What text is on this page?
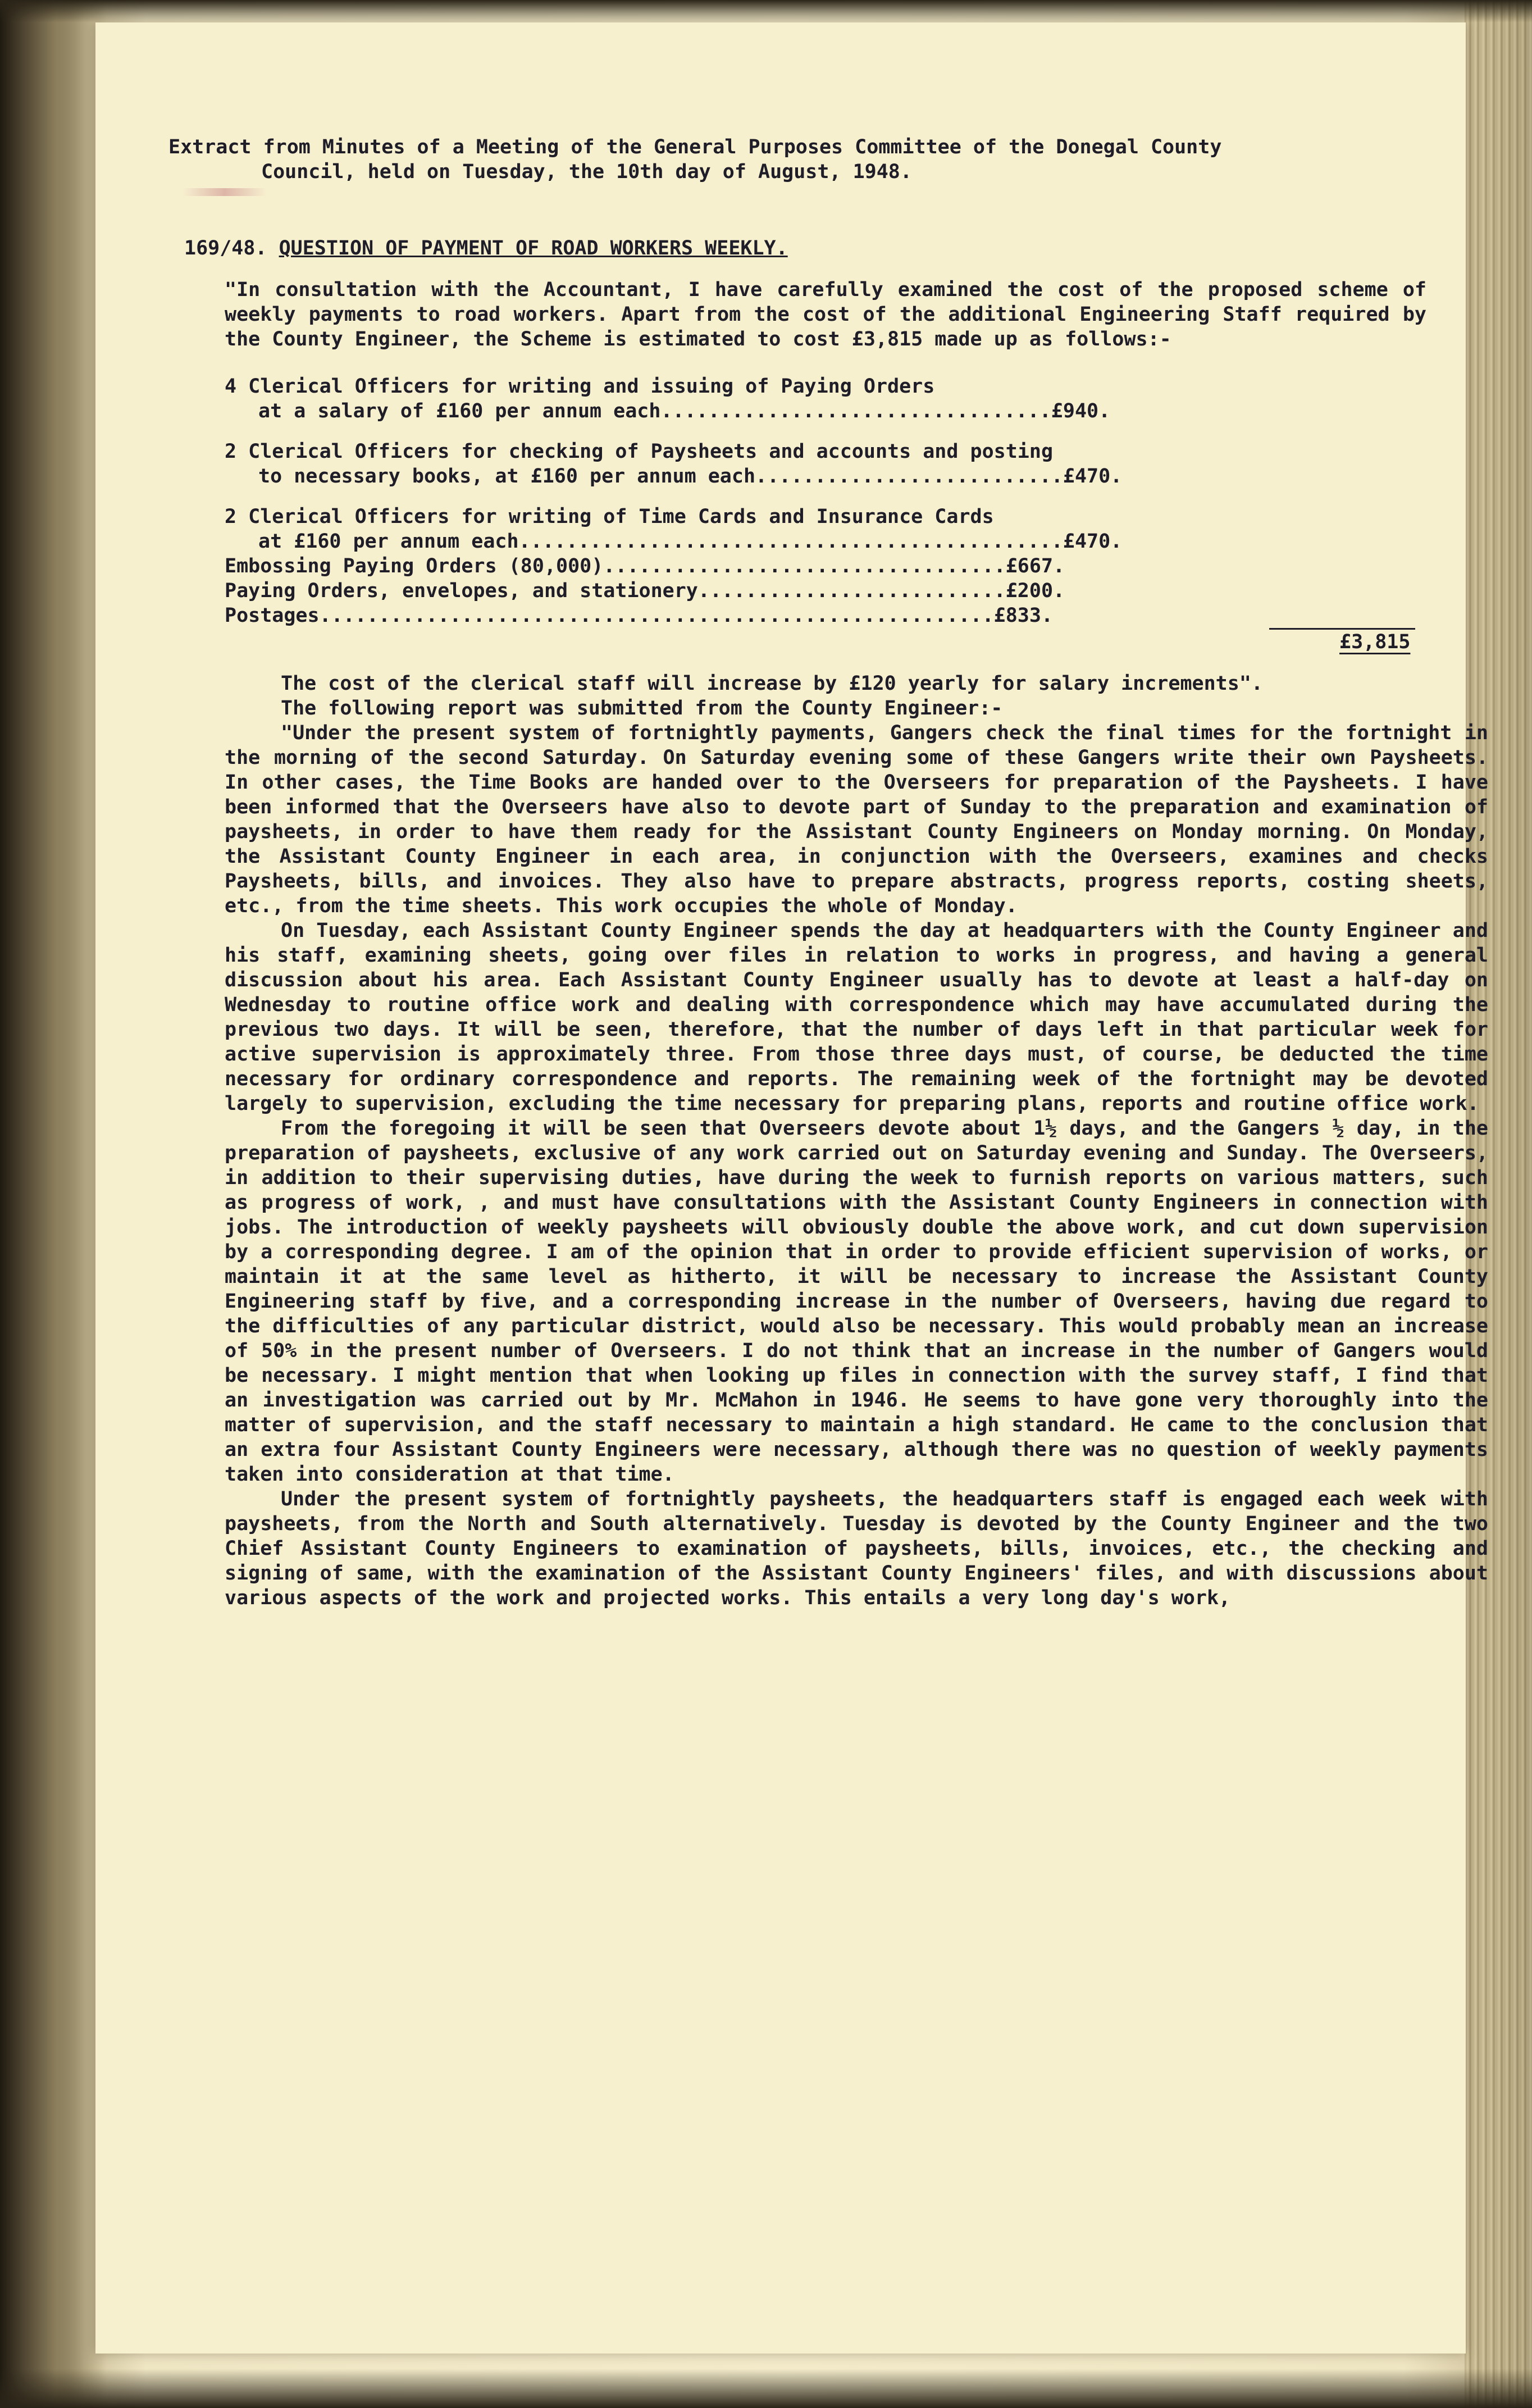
Extract from Minutes of a Meeting of the General Purposes Committee of the Donegal County

Council, held on Tuesday, the 10th day of August, 1948.

169/48. QUESTION OF PAYMENT OF ROAD WORKERS WEEKLY.

"In consultation with the Accountant, I have carefully examined the cost of the proposed scheme of weekly payments to road workers. Apart from the cost of the additional Engineering Staff required by the County Engineer, the Scheme is estimated to cost £3,815 made up as follows:-

4 Clerical Officers for writing and issuing of Paying Orders

at a salary of £160 per annum each.................................£940.

2 Clerical Officers for checking of Paysheets and accounts and posting

to necessary books, at £160 per annum each..........................£470.

2 Clerical Officers for writing of Time Cards and Insurance Cards

at £160 per annum each..............................................£470.

Embossing Paying Orders (80,000)..................................£667.

Paying Orders, envelopes, and stationery..........................£200.

Postages.........................................................£833.

£3,815

The cost of the clerical staff will increase by £120 yearly for salary increments".
The following report was submitted from the County Engineer:-
"Under the present system of fortnightly payments, Gangers check the final times for the fortnight in the morning of the second Saturday. On Saturday evening some of these Gangers write their own Paysheets. In other cases, the Time Books are handed over to the Overseers for preparation of the Paysheets. I have been informed that the Overseers have also to devote part of Sunday to the preparation and examination of paysheets, in order to have them ready for the Assistant County Engineers on Monday morning. On Monday, the Assistant County Engineer in each area, in conjunction with the Overseers, examines and checks Paysheets, bills, and invoices. They also have to prepare abstracts, progress reports, costing sheets, etc., from the time sheets. This work occupies the whole of Monday.
On Tuesday, each Assistant County Engineer spends the day at headquarters with the County Engineer and his staff, examining sheets, going over files in relation to works in progress, and having a general discussion about his area. Each Assistant County Engineer usually has to devote at least a half-day on Wednesday to routine office work and dealing with correspondence which may have accumulated during the previous two days. It will be seen, therefore, that the number of days left in that particular week for active supervision is approximately three. From those three days must, of course, be deducted the time necessary for ordinary correspondence and reports. The remaining week of the fortnight may be devoted largely to supervision, excluding the time necessary for preparing plans, reports and routine office work.
From the foregoing it will be seen that Overseers devote about 1½ days, and the Gangers ½ day, in the preparation of paysheets, exclusive of any work carried out on Saturday evening and Sunday. The Overseers, in addition to their supervising duties, have during the week to furnish reports on various matters, such as progress of work, , and must have consultations with the Assistant County Engineers in connection with jobs. The introduction of weekly paysheets will obviously double the above work, and cut down supervision by a corresponding degree. I am of the opinion that in order to provide efficient supervision of works, or maintain it at the same level as hitherto, it will be necessary to increase the Assistant County Engineering staff by five, and a corresponding increase in the number of Overseers, having due regard to the difficulties of any particular district, would also be necessary. This would probably mean an increase of 50% in the present number of Overseers. I do not think that an increase in the number of Gangers would be necessary. I might mention that when looking up files in connection with the survey staff, I find that an investigation was carried out by Mr. McMahon in 1946. He seems to have gone very thoroughly into the matter of supervision, and the staff necessary to maintain a high standard. He came to the conclusion that an extra four Assistant County Engineers were necessary, although there was no question of weekly payments taken into consideration at that time.
Under the present system of fortnightly paysheets, the headquarters staff is engaged each week with paysheets, from the North and South alternatively. Tuesday is devoted by the County Engineer and the two Chief Assistant County Engineers to examination of paysheets, bills, invoices, etc., the checking and signing of same, with the examination of the Assistant County Engineers' files, and with discussions about various aspects of the work and projected works. This entails a very long day's work,
